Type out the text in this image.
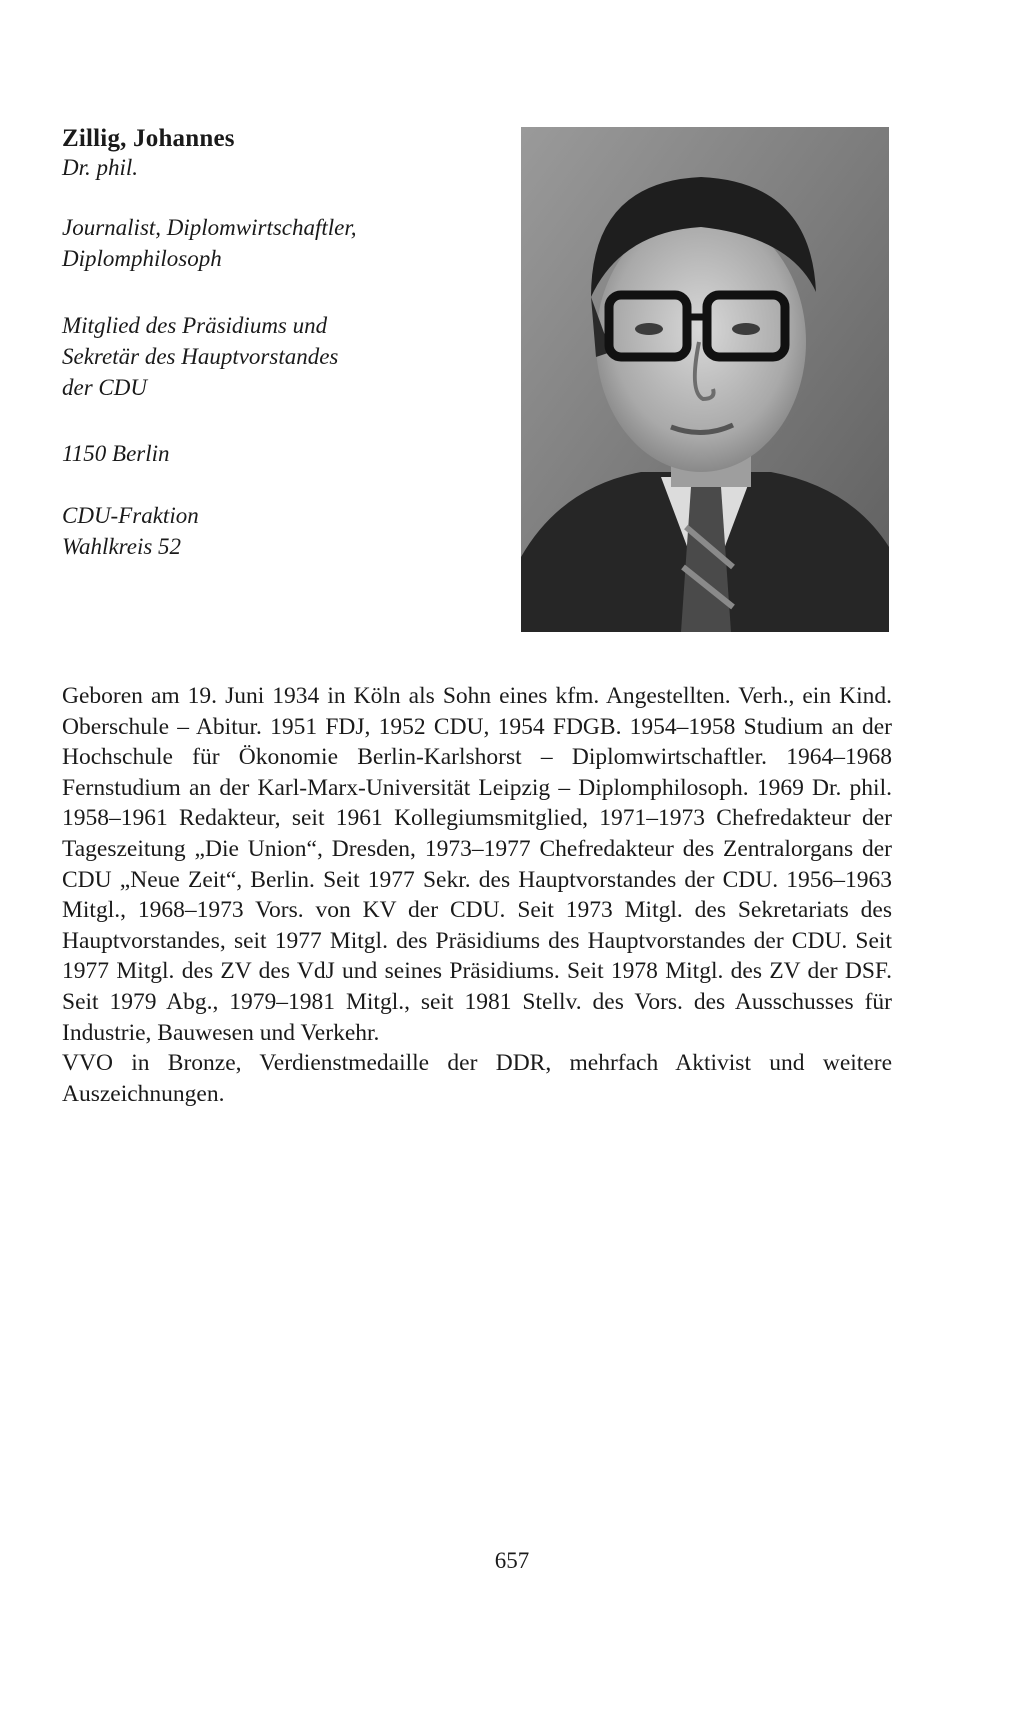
Zillig, Johannes

Dr. phil.

Journalist, Diplomwirtschaftler,
Diplomphilosoph
Mitglied des Präsidiums und
Sekretär des Hauptvorstandes
der CDU
1150 Berlin
CDU-Fraktion
Wahlkreis 52

Geboren am 19. Juni 1934 in Köln als Sohn eines kfm. Angestellten. Verh., ein Kind. Oberschule – Abitur. 1951 FDJ, 1952 CDU, 1954 FDGB. 1954–1958 Studium an der Hochschule für Ökonomie Berlin-Karlshorst – Diplomwirtschaftler. 1964–1968 Fernstudium an der Karl-Marx-Universität Leipzig – Diplomphilosoph. 1969 Dr. phil. 1958–1961 Redakteur, seit 1961 Kollegiumsmitglied, 1971–1973 Chefredakteur der Tageszeitung „Die Union“, Dresden, 1973–1977 Chefredakteur des Zentralorgans der CDU „Neue Zeit“, Berlin. Seit 1977 Sekr. des Hauptvorstandes der CDU. 1956–1963 Mitgl., 1968–1973 Vors. von KV der CDU. Seit 1973 Mitgl. des Sekretariats des Hauptvorstandes, seit 1977 Mitgl. des Präsidiums des Hauptvorstandes der CDU. Seit 1977 Mitgl. des ZV des VdJ und seines Präsidiums. Seit 1978 Mitgl. des ZV der DSF. Seit 1979 Abg., 1979–1981 Mitgl., seit 1981 Stellv. des Vors. des Ausschusses für Industrie, Bauwesen und Verkehr.

VVO in Bronze, Verdienstmedaille der DDR, mehrfach Aktivist und weitere Auszeichnungen.

657
